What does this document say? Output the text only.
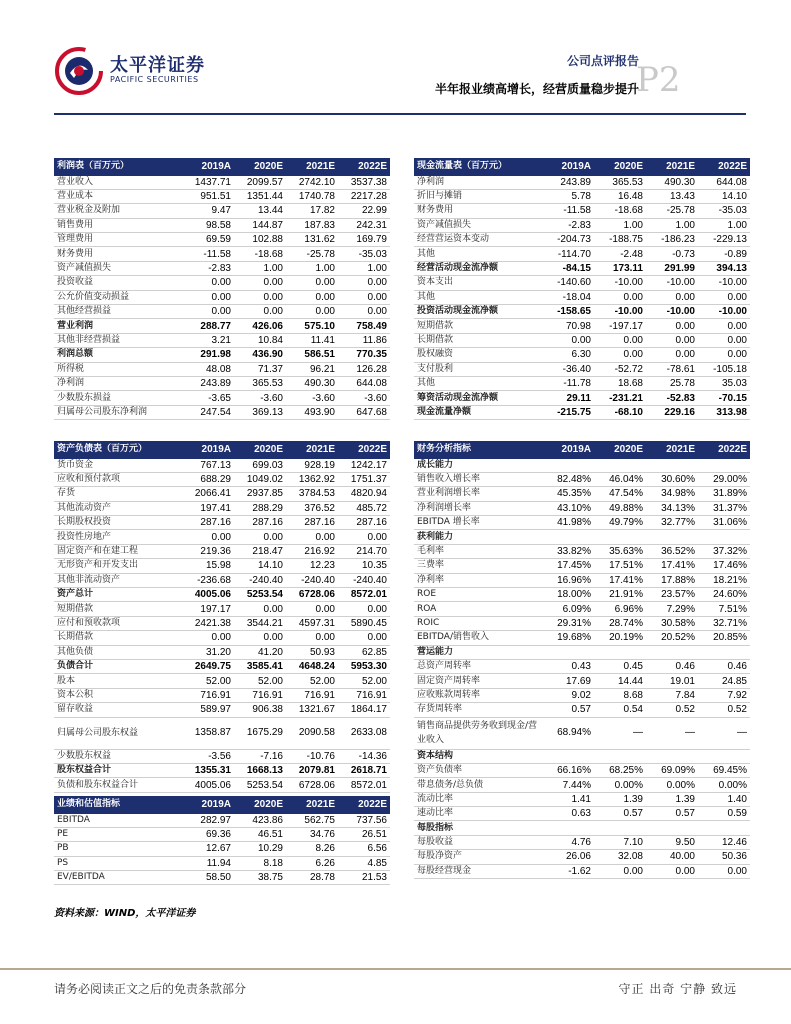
太平洋证券
PACIFIC SECURITIES
公司点评报告
半年报业绩高增长，经营质量稳步提升
P2
利润表（百万元）	2019A	2020E	2021E	2022E
营业收入	1437.71	2099.57	2742.10	3537.38
营业成本	951.51	1351.44	1740.78	2217.28
营业税金及附加	9.47	13.44	17.82	22.99
销售费用	98.58	144.87	187.83	242.31
管理费用	69.59	102.88	131.62	169.79
财务费用	-11.58	-18.68	-25.78	-35.03
资产减值损失	-2.83	1.00	1.00	1.00
投资收益	0.00	0.00	0.00	0.00
公允价值变动损益	0.00	0.00	0.00	0.00
其他经营损益	0.00	0.00	0.00	0.00
营业利润	288.77	426.06	575.10	758.49
其他非经营损益	3.21	10.84	11.41	11.86
利润总额	291.98	436.90	586.51	770.35
所得税	48.08	71.37	96.21	126.28
净利润	243.89	365.53	490.30	644.08
少数股东损益	-3.65	-3.60	-3.60	-3.60
归属母公司股东净利润	247.54	369.13	493.90	647.68
现金流量表（百万元）	2019A	2020E	2021E	2022E
净利润	243.89	365.53	490.30	644.08
折旧与摊销	5.78	16.48	13.43	14.10
财务费用	-11.58	-18.68	-25.78	-35.03
资产减值损失	-2.83	1.00	1.00	1.00
经营营运资本变动	-204.73	-188.75	-186.23	-229.13
其他	-114.70	-2.48	-0.73	-0.89
经营活动现金流净额	-84.15	173.11	291.99	394.13
资本支出	-140.60	-10.00	-10.00	-10.00
其他	-18.04	0.00	0.00	0.00
投资活动现金流净额	-158.65	-10.00	-10.00	-10.00
短期借款	70.98	-197.17	0.00	0.00
长期借款	0.00	0.00	0.00	0.00
股权融资	6.30	0.00	0.00	0.00
支付股利	-36.40	-52.72	-78.61	-105.18
其他	-11.78	18.68	25.78	35.03
筹资活动现金流净额	29.11	-231.21	-52.83	-70.15
现金流量净额	-215.75	-68.10	229.16	313.98
资产负债表（百万元）	2019A	2020E	2021E	2022E
货币资金	767.13	699.03	928.19	1242.17
应收和预付款项	688.29	1049.02	1362.92	1751.37
存货	2066.41	2937.85	3784.53	4820.94
其他流动资产	197.41	288.29	376.52	485.72
长期股权投资	287.16	287.16	287.16	287.16
投资性房地产	0.00	0.00	0.00	0.00
固定资产和在建工程	219.36	218.47	216.92	214.70
无形资产和开发支出	15.98	14.10	12.23	10.35
其他非流动资产	-236.68	-240.40	-240.40	-240.40
资产总计	4005.06	5253.54	6728.06	8572.01
短期借款	197.17	0.00	0.00	0.00
应付和预收款项	2421.38	3544.21	4597.31	5890.45
长期借款	0.00	0.00	0.00	0.00
其他负债	31.20	41.20	50.93	62.85
负债合计	2649.75	3585.41	4648.24	5953.30
股本	52.00	52.00	52.00	52.00
资本公积	716.91	716.91	716.91	716.91
留存收益	589.97	906.38	1321.67	1864.17
归属母公司股东权益	1358.87	1675.29	2090.58	2633.08
少数股东权益	-3.56	-7.16	-10.76	-14.36
股东权益合计	1355.31	1668.13	2079.81	2618.71
负债和股东权益合计	4005.06	5253.54	6728.06	8572.01
财务分析指标	2019A	2020E	2021E	2022E
成长能力				
销售收入增长率	82.48%	46.04%	30.60%	29.00%
营业利润增长率	45.35%	47.54%	34.98%	31.89%
净利润增长率	43.10%	49.88%	34.13%	31.37%
EBITDA 增长率	41.98%	49.79%	32.77%	31.06%
获利能力				
毛利率	33.82%	35.63%	36.52%	37.32%
三费率	17.45%	17.51%	17.41%	17.46%
净利率	16.96%	17.41%	17.88%	18.21%
ROE	18.00%	21.91%	23.57%	24.60%
ROA	6.09%	6.96%	7.29%	7.51%
ROIC	29.31%	28.74%	30.58%	32.71%
EBITDA/销售收入	19.68%	20.19%	20.52%	20.85%
营运能力				
总资产周转率	0.43	0.45	0.46	0.46
固定资产周转率	17.69	14.44	19.01	24.85
应收账款周转率	9.02	8.68	7.84	7.92
存货周转率	0.57	0.54	0.52	0.52
销售商品提供劳务收到现金/营业收入	68.94%	—	—	—
资本结构				
资产负债率	66.16%	68.25%	69.09%	69.45%
带息债务/总负债	7.44%	0.00%	0.00%	0.00%
流动比率	1.41	1.39	1.39	1.40
速动比率	0.63	0.57	0.57	0.59
每股指标				
每股收益	4.76	7.10	9.50	12.46
每股净资产	26.06	32.08	40.00	50.36
每股经营现金	-1.62	0.00	0.00	0.00
业绩和估值指标	2019A	2020E	2021E	2022E
EBITDA	282.97	423.86	562.75	737.56
PE	69.36	46.51	34.76	26.51
PB	12.67	10.29	8.26	6.56
PS	11.94	8.18	6.26	4.85
EV/EBITDA	58.50	38.75	28.78	21.53
资料来源：WIND，太平洋证券
请务必阅读正文之后的免责条款部分	守正 出奇 宁静 致远
